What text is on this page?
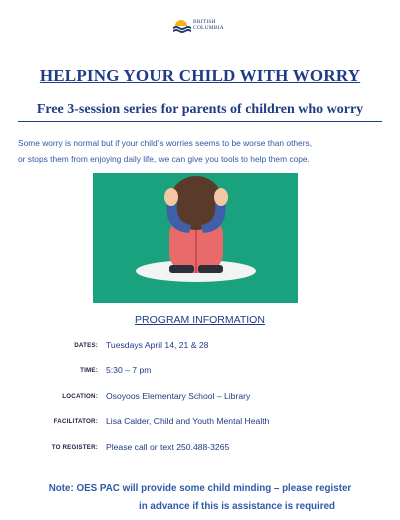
BRITISH
COLUMBIA
HELPING YOUR CHILD WITH WORRY
Free 3-session series for parents of children who worry

Some worry is normal but if your child’s worries seems to be worse than others,

or stops them from enjoying daily life, we can give you tools to help them cope.

PROGRAM INFORMATION
DATES: Tuesdays April 14, 21 & 28
TIME: 5:30 – 7 pm
LOCATION: Osoyoos Elementary School – Library
FACILITATOR: Lisa Calder, Child and Youth Mental Health
TO REGISTER: Please call or text 250.488-3265
Note: OES PAC will provide some child minding – please register
in advance if this is assistance is required
